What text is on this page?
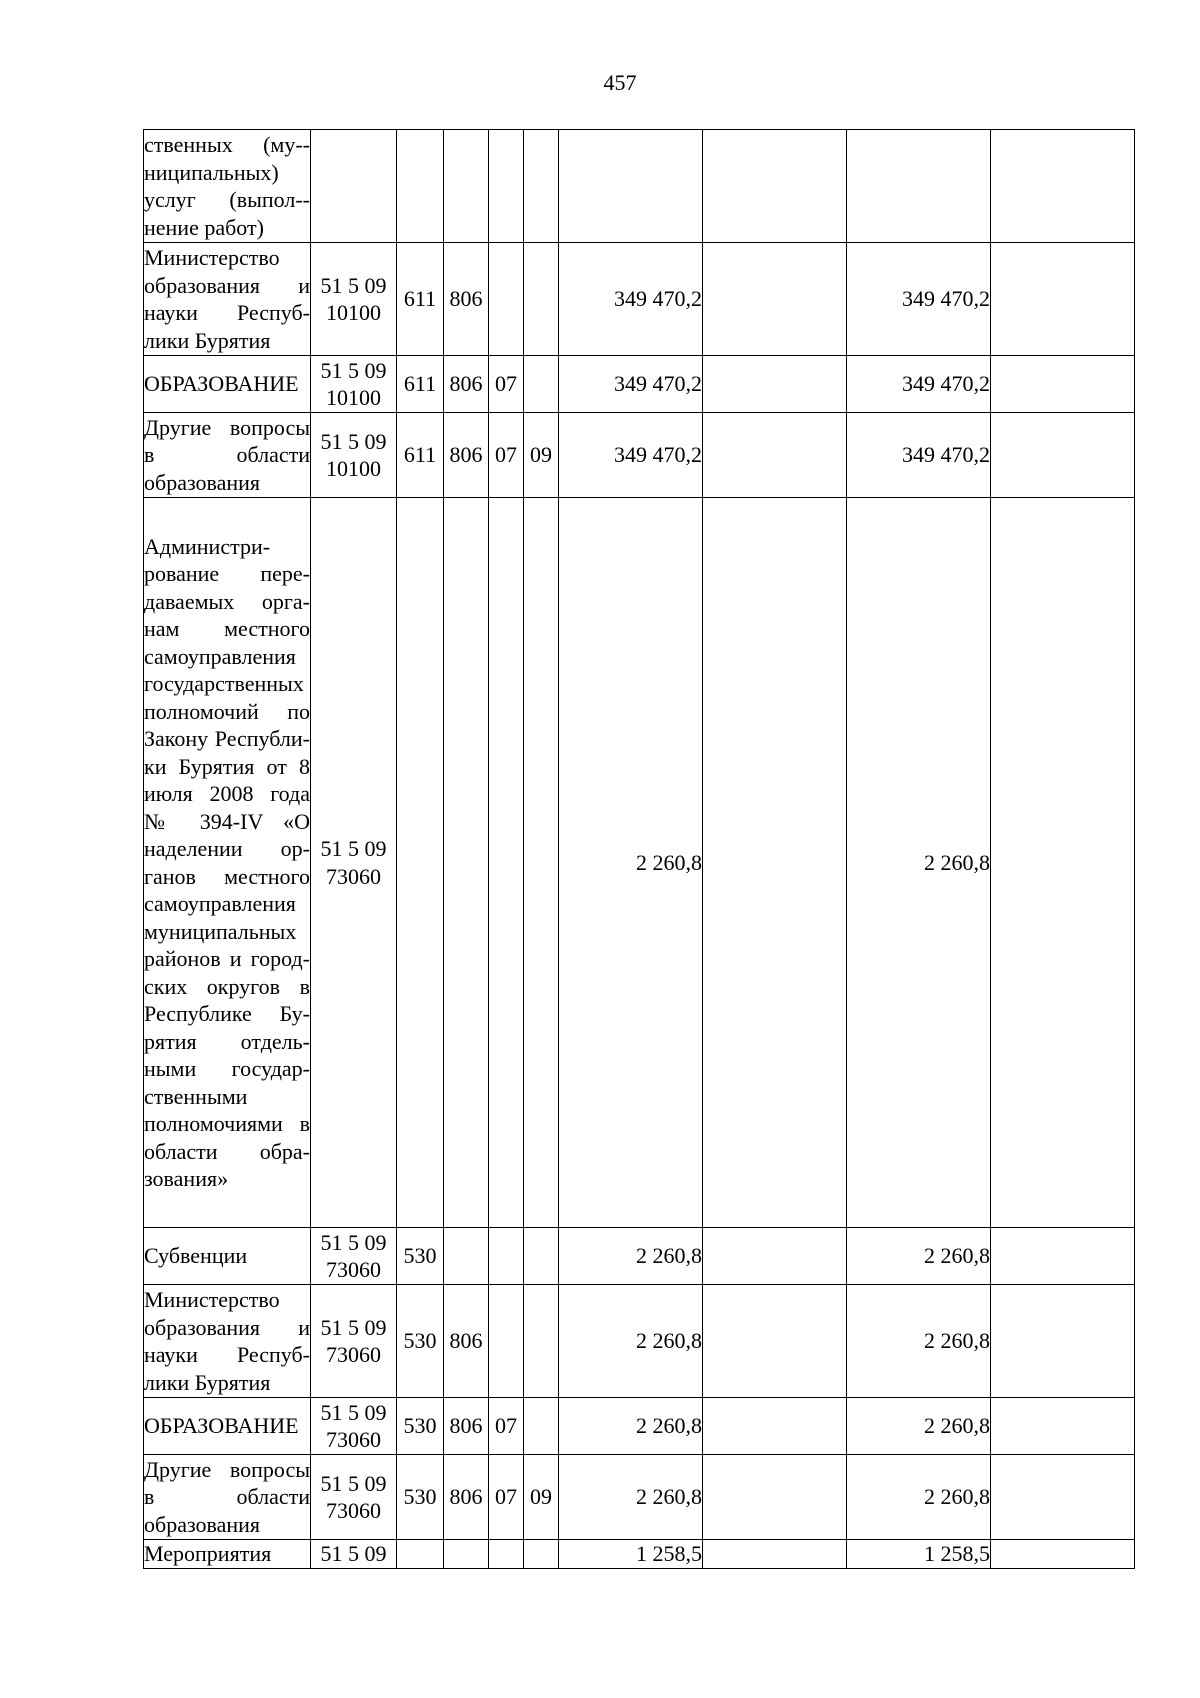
457
ственных (му-ниципальных) услуг (выпол-нение работ)									
Министерство образования и науки Республики Бурятия	51 5 09 10100	611	806			349 470,2		349 470,2	
ОБРАЗОВАНИЕ	51 5 09 10100	611	806	07		349 470,2		349 470,2	
Другие вопросы в области образования	51 5 09 10100	611	806	07	09	349 470,2		349 470,2	
Администрирование передаваемых органам местного самоуправления государственных полномочий по Закону Республики Бурятия от 8 июля 2008 года № 394-IV «О наделении органов местного самоуправления муниципальных районов и городских округов в Республике Бурятия отдельными государственными полномочиями в области образования»	51 5 09 73060					2 260,8		2 260,8	
Субвенции	51 5 09 73060	530				2 260,8		2 260,8	
Министерство образования и науки Республики Бурятия	51 5 09 73060	530	806			2 260,8		2 260,8	
ОБРАЗОВАНИЕ	51 5 09 73060	530	806	07		2 260,8		2 260,8	
Другие вопросы в области образования	51 5 09 73060	530	806	07	09	2 260,8		2 260,8	
Мероприятия	51 5 09					1 258,5		1 258,5	
